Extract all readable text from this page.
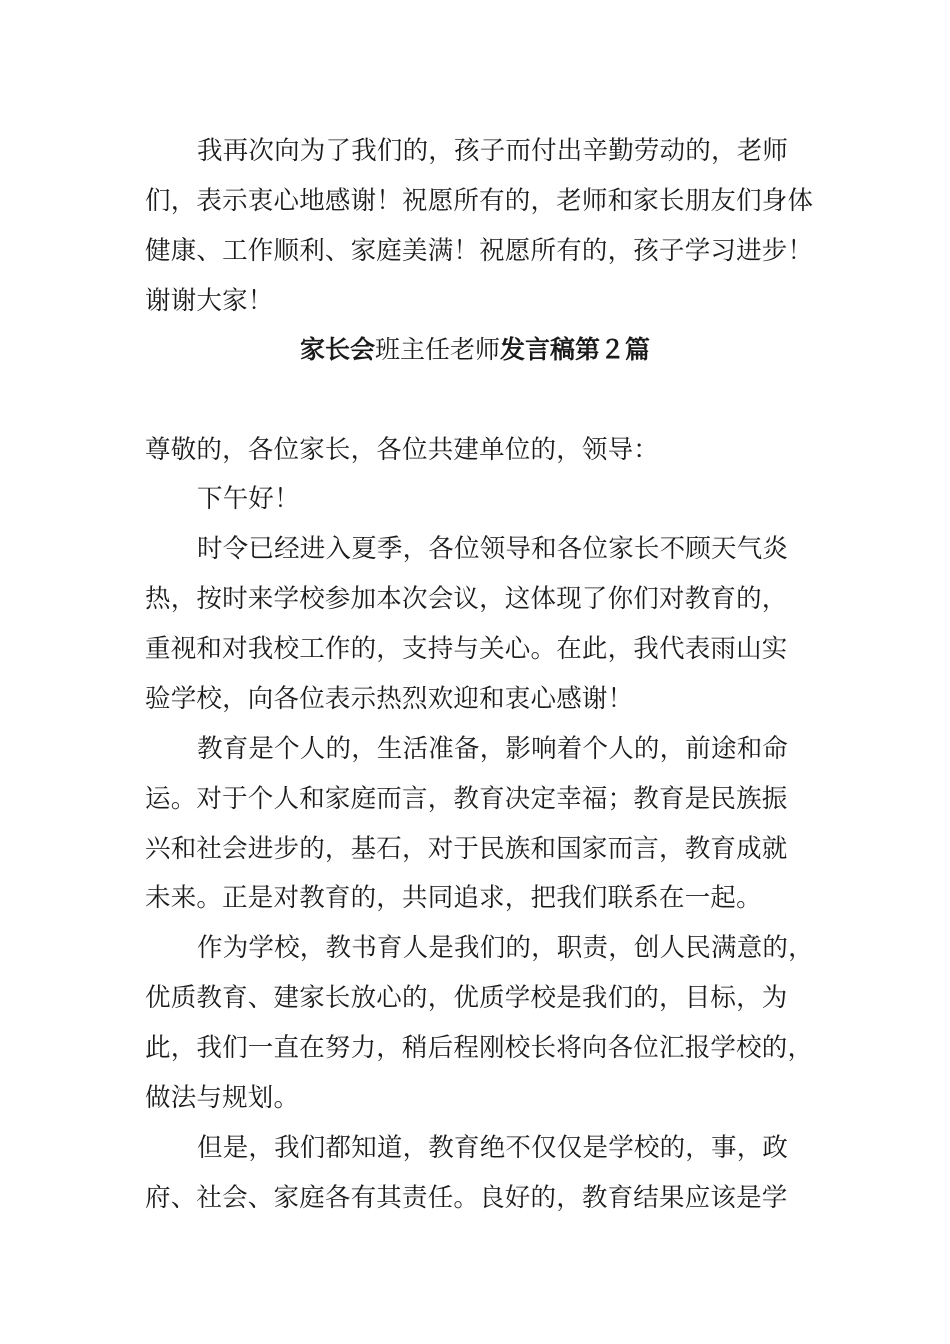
我再次向为了我们的，孩子而付出辛勤劳动的，老师
们，表示衷心地感谢！祝愿所有的，老师和家长朋友们身体
健康、工作顺利、家庭美满！祝愿所有的，孩子学习进步！
谢谢大家！
家长会班主任老师发言稿第２篇
尊敬的，各位家长，各位共建单位的，领导：
下午好！
时令已经进入夏季，各位领导和各位家长不顾天气炎
热，按时来学校参加本次会议，这体现了你们对教育的，
重视和对我校工作的，支持与关心。在此，我代表雨山实
验学校，向各位表示热烈欢迎和衷心感谢！
教育是个人的，生活准备，影响着个人的，前途和命
运。对于个人和家庭而言，教育决定幸福；教育是民族振
兴和社会进步的，基石，对于民族和国家而言，教育成就
未来。正是对教育的，共同追求，把我们联系在一起。
作为学校，教书育人是我们的，职责，创人民满意的，
优质教育、建家长放心的，优质学校是我们的，目标，为
此，我们一直在努力，稍后程刚校长将向各位汇报学校的，
做法与规划。
但是，我们都知道，教育绝不仅仅是学校的，事，政
府、社会、家庭各有其责任。良好的，教育结果应该是学
